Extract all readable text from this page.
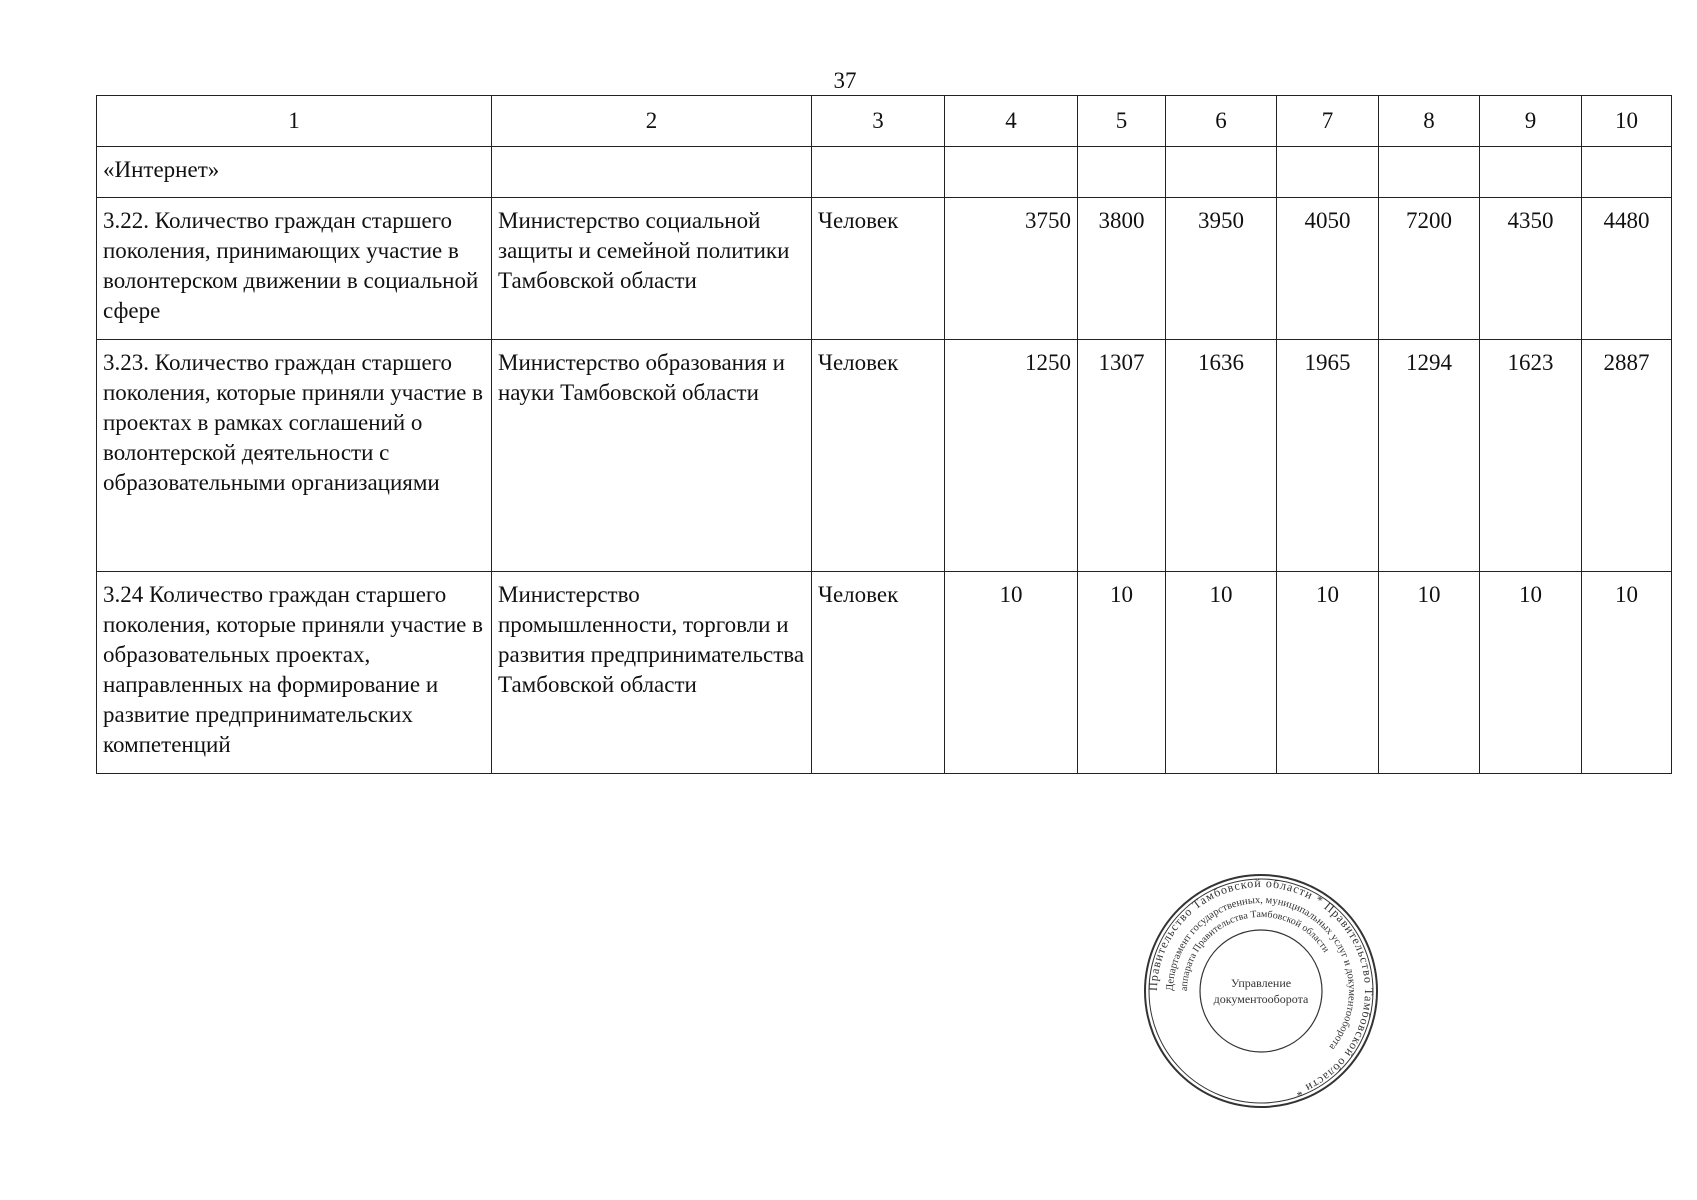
37
1	2	3	4	5	6	7	8	9	10
«Интернет»									
3.22. Количество граждан старшего поколения, принимающих участие в волонтерском движении в социальной сфере	Министерство социальной защиты и семейной политики Тамбовской области	Человек	3750	3800	3950	4050	7200	4350	4480
3.23. Количество граждан старшего поколения, которые приняли участие в проектах в рамках соглашений о волонтерской деятельности с образовательными организациями	Министерство образования и науки Тамбовской области	Человек	1250	1307	1636	1965	1294	1623	2887
3.24 Количество граждан старшего поколения, которые приняли участие в образовательных проектах, направленных на формирование и развитие предпринимательских компетенций	Министерство промышленности, торговли и развития предпринимательства Тамбовской области	Человек	10	10	10	10	10	10	10
Правительство Тамбовской области * Правительство Тамбовской области *
Департамент государственных, муниципальных услуг и документооборота
аппарата Правительства Тамбовской области
Управление
документооборота
